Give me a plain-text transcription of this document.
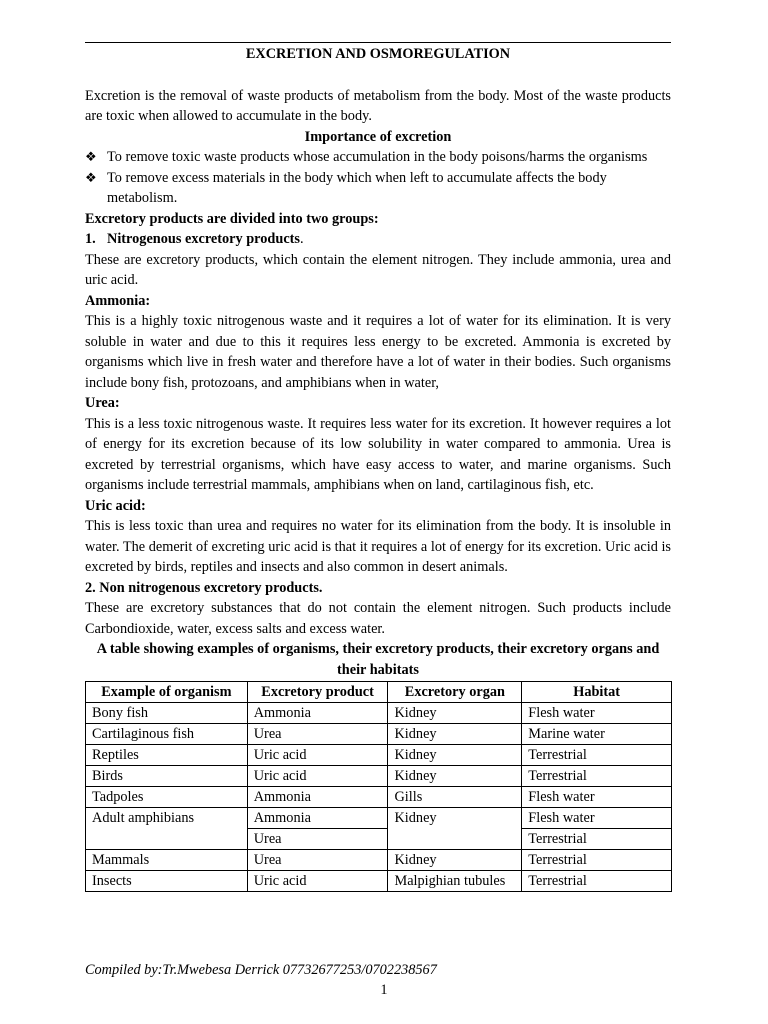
EXCRETION AND OSMOREGULATION

Excretion is the removal of waste products of metabolism from the body. Most of the waste products are toxic when allowed to accumulate in the body.

Importance of excretion
❖ To remove toxic waste products whose accumulation in the body poisons/harms the organisms
❖ To remove excess materials in the body which when left to accumulate affects the body metabolism.
Excretory products are divided into two groups:
1. Nitrogenous excretory products.

These are excretory products, which contain the element nitrogen. They include ammonia, urea and uric acid.

Ammonia:

This is a highly toxic nitrogenous waste and it requires a lot of water for its elimination. It is very soluble in water and due to this it requires less energy to be excreted. Ammonia is excreted by organisms which live in fresh water and therefore have a lot of water in their bodies. Such organisms include bony fish, protozoans, and amphibians when in water,

Urea:

This is a less toxic nitrogenous waste. It requires less water for its excretion. It however requires a lot of energy for its excretion because of its low solubility in water compared to ammonia. Urea is excreted by terrestrial organisms, which have easy access to water, and marine organisms. Such organisms include terrestrial mammals, amphibians when on land, cartilaginous fish, etc.

Uric acid:

This is less toxic than urea and requires no water for its elimination from the body. It is insoluble in water. The demerit of excreting uric acid is that it requires a lot of energy for its excretion. Uric acid is excreted by birds, reptiles and insects and also common in desert animals.

2. Non nitrogenous excretory products.

These are excretory substances that do not contain the element nitrogen. Such products include Carbondioxide, water, excess salts and excess water.

A table showing examples of organisms, their excretory products, their excretory organs and their habitats
Example of organism	Excretory product	Excretory organ	Habitat
Bony fish	Ammonia	Kidney	Flesh water
Cartilaginous fish	Urea	Kidney	Marine water
Reptiles	Uric acid	Kidney	Terrestrial
Birds	Uric acid	Kidney	Terrestrial
Tadpoles	Ammonia	Gills	Flesh water
Adult amphibians	Ammonia	Kidney	Flesh water
	Urea		Terrestrial
Mammals	Urea	Kidney	Terrestrial
Insects	Uric acid	Malpighian tubules	Terrestrial
Compiled by:Tr.Mwebesa Derrick 07732677253/0702238567
1
